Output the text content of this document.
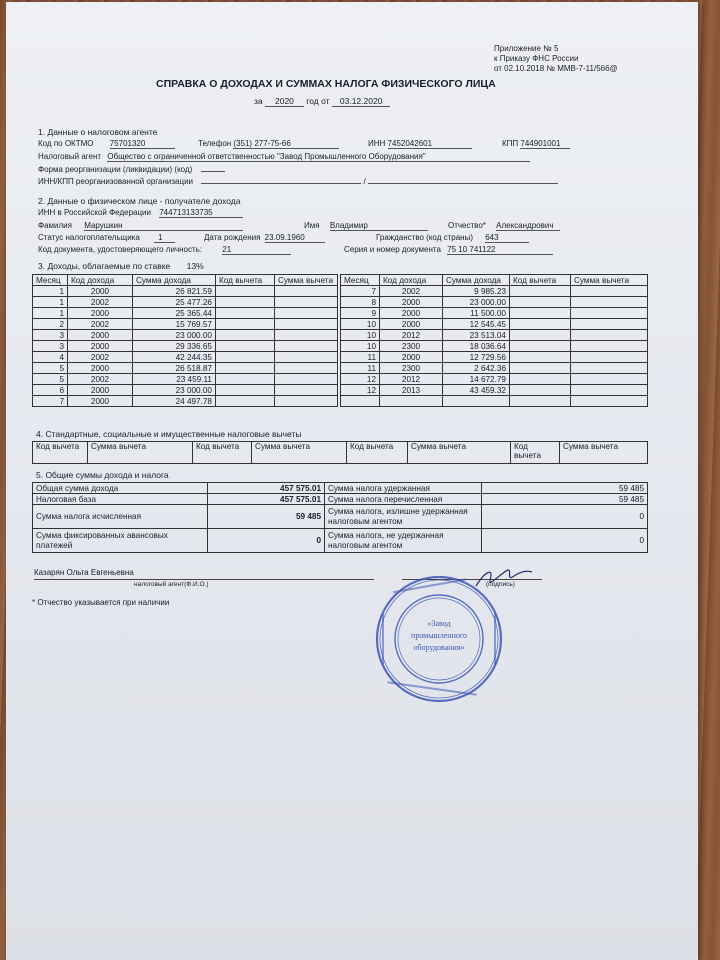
Приложение № 5
к Приказу ФНС России
от 02.10.2018 № ММВ-7-11/566@
СПРАВКА О ДОХОДАХ И СУММАХ НАЛОГА ФИЗИЧЕСКОГО ЛИЦА
за 2020 год от 03.12.2020
1. Данные о налоговом агенте
Код по ОКТМО 75701320	Телефон (351) 277-75-66	ИНН 7452042601	КПП 744901001
Налоговый агент Общество с ограниченной ответственностью "Завод Промышленного Оборудования"
Форма реорганизации (ликвидации) (код)
ИНН/КПП реорганизованной организации	/
2. Данные о физическом лице - получателе дохода
ИНН в Российской Федерации 744713133735
Фамилия Марушкин	Имя Владимир	Отчество* Александрович
Статус налогоплательщика 1	Дата рождения 23.09.1960	Гражданство (код страны) 643
Код документа, удостоверяющего личность:	21	Серия и номер документа 75 10 741122
3. Доходы, облагаемые по ставке 13%
Месяц	Код дохода	Сумма дохода	Код вычета	Сумма вычета
1	2000	26 821.59		
1	2002	25 477.26		
1	2000	25 365.44		
2	2002	15 769.57		
3	2000	23 000.00		
3	2000	29 336.65		
4	2002	42 244.35		
5	2000	26 518.87		
5	2002	23 459.11		
6	2000	23 000.00		
7	2000	24 497.78		
Месяц	Код дохода	Сумма дохода	Код вычета	Сумма вычета
7	2002	9 985.23		
8	2000	23 000.00		
9	2000	11 500.00		
10	2000	12 545.45		
10	2012	23 513.04		
10	2300	18 036.64		
11	2000	12 729.56		
11	2300	2 642.36		
12	2012	14 672.79		
12	2013	43 459.32		

4. Стандартные, социальные и имущественные налоговые вычеты
Код вычета	Сумма вычета	Код вычета	Сумма вычета	Код вычета	Сумма вычета	Код вычета	Сумма вычета
5. Общие суммы дохода и налога
Общая сумма дохода	457 575.01	Сумма налога удержанная	59 485
Налоговая база	457 575.01	Сумма налога перечисленная	59 485
Сумма налога исчисленная	59 485	Сумма налога, излишне удержанная налоговым агентом	0
Сумма фиксированных авансовых платежей	0	Сумма налога, не удержанная налоговым агентом	0
Казарян Ольга Евгеньевна
налоговый агент(Ф.И.О.)	(подпись)
* Отчество указывается при наличии
«Завод
промышленного
оборудования»
